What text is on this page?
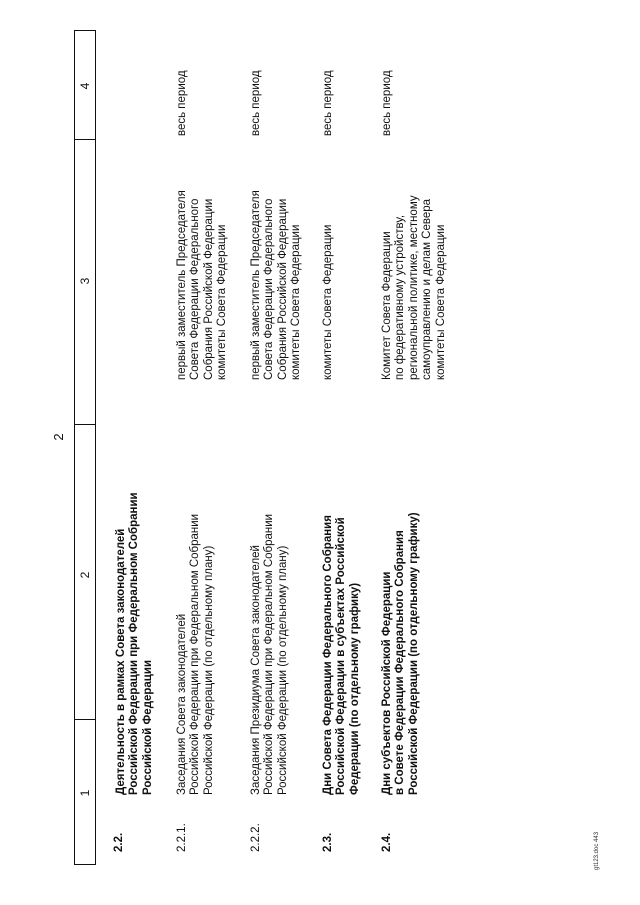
2
4
3
2
1
2.2.
Деятельность в рамках Совета законодателей Российской Федерации при Федеральном Собрании Российской Федерации
2.2.1.
Заседания Совета законодателей Российской Федерации при Федеральном Собрании Российской Федерации (по отдельному плану)
первый заместитель Председателя Совета Федерации Федерального Собрания Российской Федерации комитеты Совета Федерации
весь период
2.2.2.
Заседания Президиума Совета законодателей Российской Федерации при Федеральном Собрании Российской Федерации (по отдельному плану)
первый заместитель Председателя Совета Федерации Федерального Собрания Российской Федерации комитеты Совета Федерации
весь период
2.3.
Дни Совета Федерации Федерального Собрания Российской Федерации в субъектах Российской Федерации (по отдельному графику)
комитеты Совета Федерации
весь период
2.4.
Дни субъектов Российской Федерации в Совете Федерации Федерального Собрания Российской Федерации (по отдельному графику)
Комитет Совета Федерации по федеративному устройству, региональной политике, местному самоуправлению и делам Севера комитеты Совета Федерации
весь период
gt123.doc 443
